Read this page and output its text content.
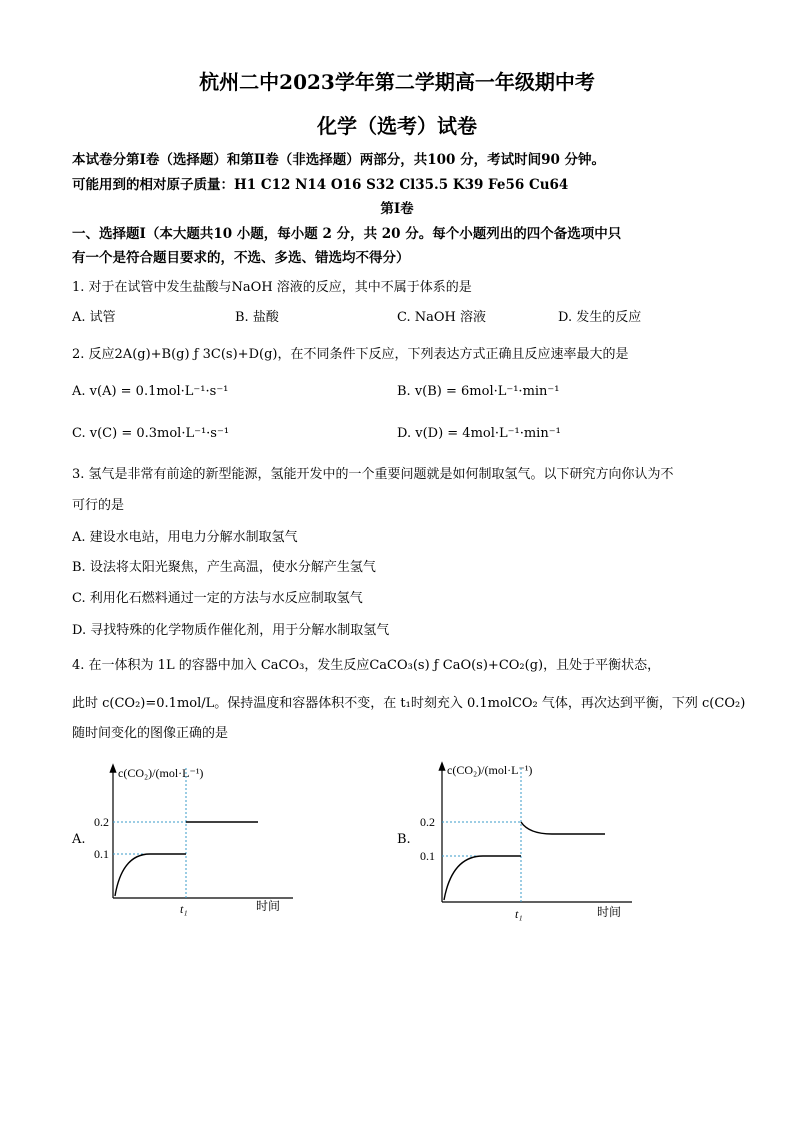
杭州二中2023学年第二学期高一年级期中考
化学（选考）试卷
本试卷分第Ⅰ卷（选择题）和第Ⅱ卷（非选择题）两部分，共100 分，考试时间90 分钟。
可能用到的相对原子质量：H1 C12 N14 O16 S32 Cl35.5 K39 Fe56 Cu64
第Ⅰ卷
一、选择题Ⅰ（本大题共10 小题，每小题 2 分，共 20 分。每个小题列出的四个备选项中只
有一个是符合题目要求的，不选、多选、错选均不得分）
1. 对于在试管中发生盐酸与NaOH 溶液的反应，其中不属于体系的是
A. 试管	B. 盐酸	C. NaOH 溶液	D. 发生的反应
2. 反应2A(g)+B(g) ƒ 3C(s)+D(g)，在不同条件下反应，下列表达方式正确且反应速率最大的是
A. v(A) = 0.1mol·L⁻¹·s⁻¹	B. v(B) = 6mol·L⁻¹·min⁻¹
C. v(C) = 0.3mol·L⁻¹·s⁻¹	D. v(D) = 4mol·L⁻¹·min⁻¹
3. 氢气是非常有前途的新型能源，氢能开发中的一个重要问题就是如何制取氢气。以下研究方向你认为不
可行的是
A. 建设水电站，用电力分解水制取氢气
B. 设法将太阳光聚焦，产生高温，使水分解产生氢气
C. 利用化石燃料通过一定的方法与水反应制取氢气
D. 寻找特殊的化学物质作催化剂，用于分解水制取氢气
4. 在一体积为 1L 的容器中加入 CaCO₃，发生反应CaCO₃(s) ƒ CaO(s)+CO₂(g)，且处于平衡状态，
此时 c(CO₂)=0.1mol/L。保持温度和容器体积不变，在 t₁时刻充入 0.1molCO₂ 气体，再次达到平衡，下列 c(CO₂)
随时间变化的图像正确的是
A.
c(CO₂)/(mol·L⁻¹)
0.2
0.1
t₁	时间
B.
c(CO₂)/(mol·L⁻¹)
0.2
0.1
t₁	时间
